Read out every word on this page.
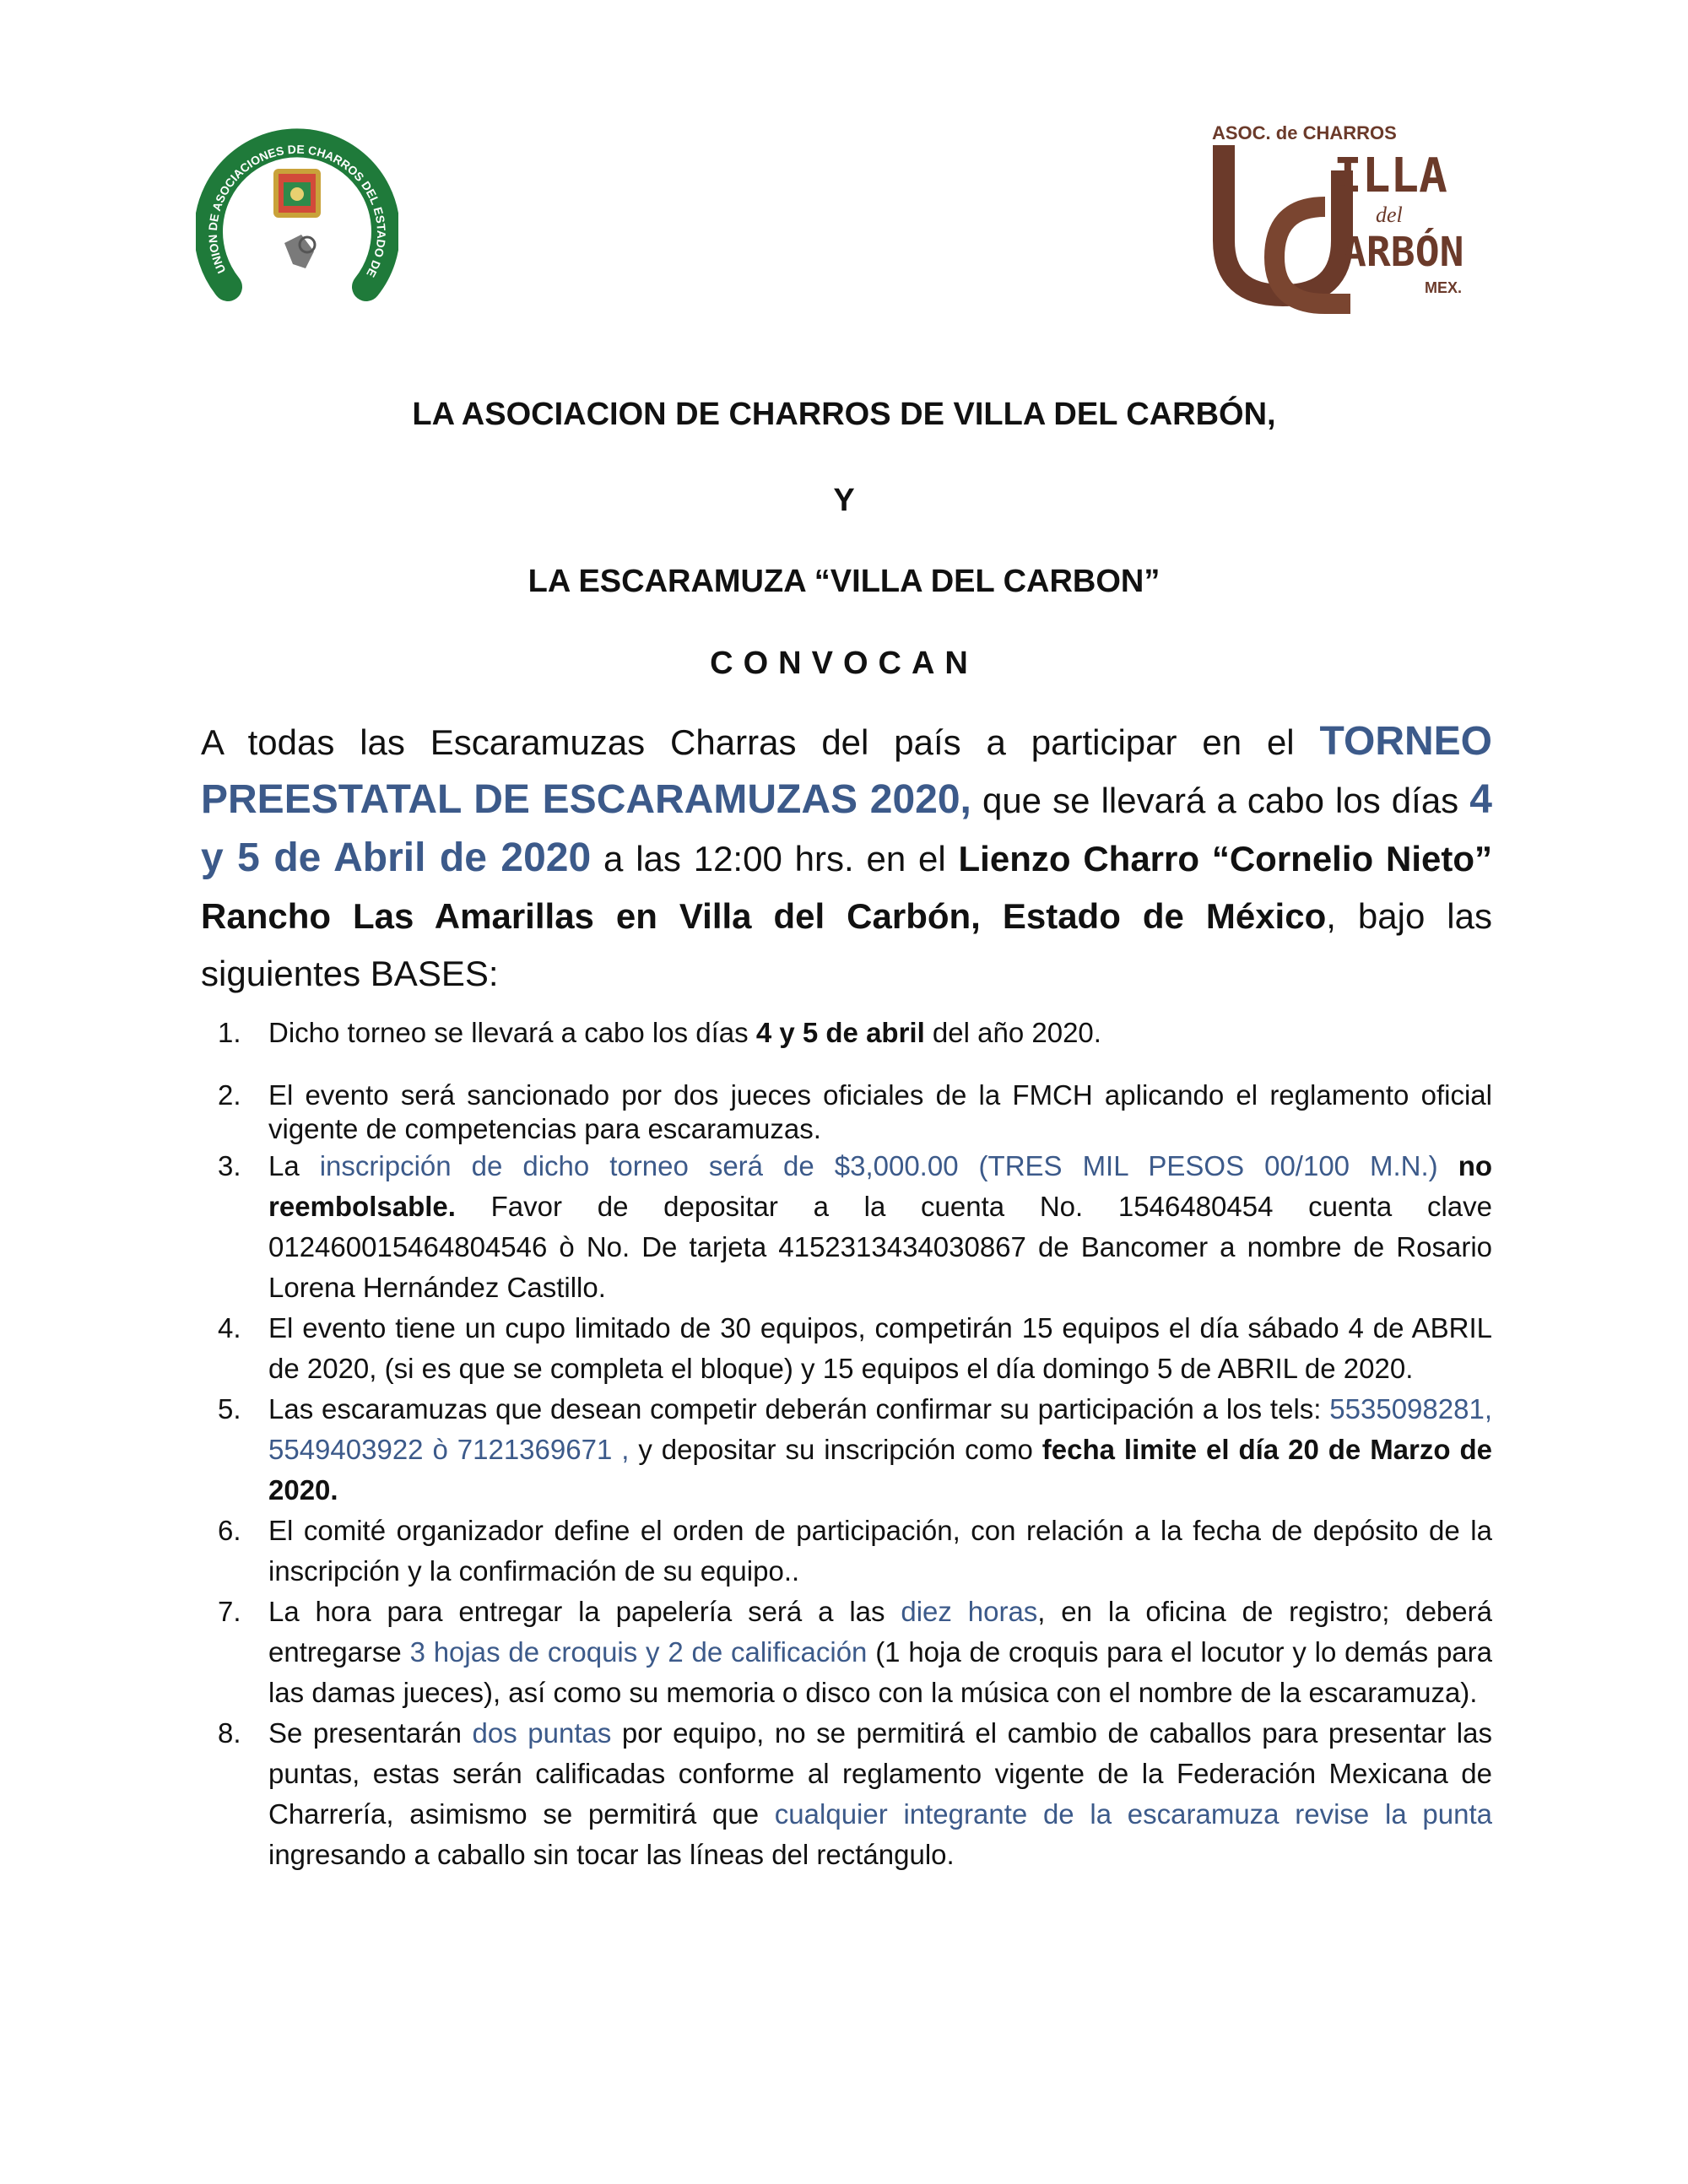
UNION DE ASOCIACIONES DE CHARROS DEL ESTADO DE
ASOC. de CHARROS
ILLA
del
ARBÓN
MEX.
LA ASOCIACION DE CHARROS DE VILLA DEL CARBÓN,
Y
LA ESCARAMUZA “VILLA DEL CARBON”
CONVOCAN
A todas las Escaramuzas Charras del país a participar en el TORNEO PREESTATAL DE ESCARAMUZAS 2020, que se llevará a cabo los días 4 y 5 de Abril de 2020 a las 12:00 hrs. en el Lienzo Charro “Cornelio Nieto” Rancho Las Amarillas en Villa del Carbón, Estado de México, bajo las siguientes BASES:
1. Dicho torneo se llevará a cabo los días 4 y 5 de abril del año 2020.
2. El evento será sancionado por dos jueces oficiales de la FMCH aplicando el reglamento oficial vigente de competencias para escaramuzas.
3. La inscripción de dicho torneo será de $3,000.00 (TRES MIL PESOS 00/100 M.N.) no reembolsable. Favor de depositar a la cuenta No. 1546480454 cuenta clave 012460015464804546 ò No. De tarjeta 4152313434030867 de Bancomer a nombre de Rosario Lorena Hernández Castillo.
4. El evento tiene un cupo limitado de 30 equipos, competirán 15 equipos el día sábado 4 de ABRIL de 2020, (si es que se completa el bloque) y 15 equipos el día domingo 5 de ABRIL de 2020.
5. Las escaramuzas que desean competir deberán confirmar su participación a los tels: 5535098281, 5549403922 ò 7121369671 , y depositar su inscripción como fecha limite el día 20 de Marzo de 2020.
6. El comité organizador define el orden de participación, con relación a la fecha de depósito de la inscripción y la confirmación de su equipo..
7. La hora para entregar la papelería será a las diez horas, en la oficina de registro; deberá entregarse 3 hojas de croquis y 2 de calificación (1 hoja de croquis para el locutor y lo demás para las damas jueces), así como su memoria o disco con la música con el nombre de la escaramuza).
8. Se presentarán dos puntas por equipo, no se permitirá el cambio de caballos para presentar las puntas, estas serán calificadas conforme al reglamento vigente de la Federación Mexicana de Charrería, asimismo se permitirá que cualquier integrante de la escaramuza revise la punta ingresando a caballo sin tocar las líneas del rectángulo.
